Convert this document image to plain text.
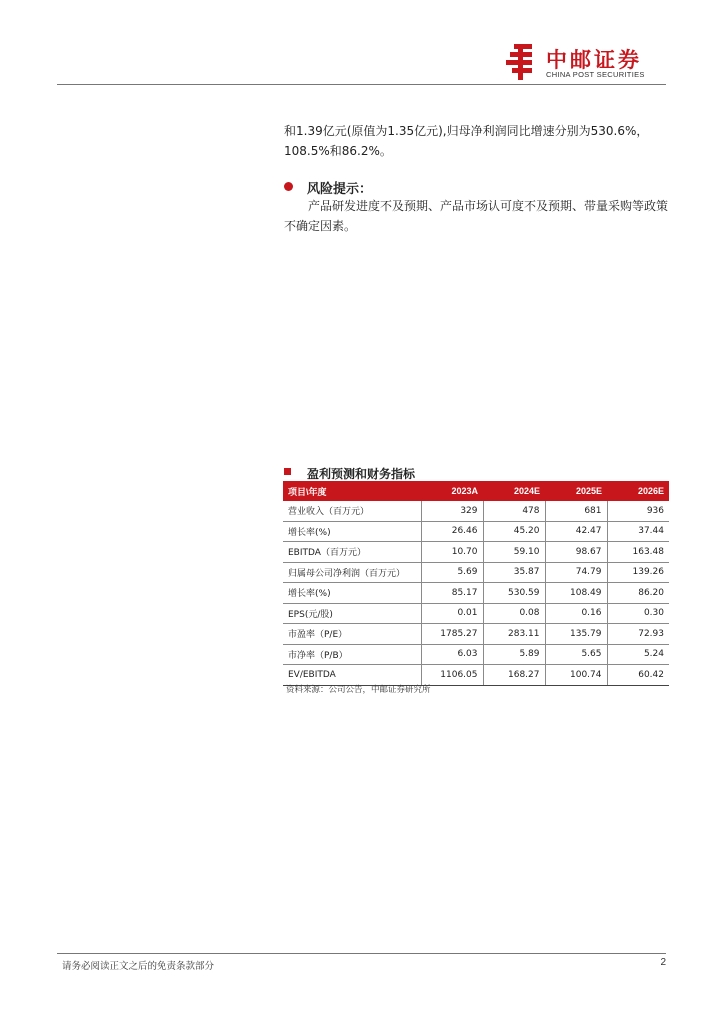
中邮证券
CHINA POST SECURITIES
和1.39亿元(原值为1.35亿元),归母净利润同比增速分别为530.6%，108.5%和86.2%。
风险提示：
产品研发进度不及预期、产品市场认可度不及预期、带量采购等政策不确定因素。
盈利预测和财务指标
项目\年度	2023A	2024E	2025E	2026E
营业收入（百万元）	329	478	681	936
增长率(%)	26.46	45.20	42.47	37.44
EBITDA（百万元）	10.70	59.10	98.67	163.48
归属母公司净利润（百万元）	5.69	35.87	74.79	139.26
增长率(%)	85.17	530.59	108.49	86.20
EPS(元/股)	0.01	0.08	0.16	0.30
市盈率（P/E）	1785.27	283.11	135.79	72.93
市净率（P/B）	6.03	5.89	5.65	5.24
EV/EBITDA	1106.05	168.27	100.74	60.42
资料来源：公司公告，中邮证券研究所
请务必阅读正文之后的免责条款部分	2
